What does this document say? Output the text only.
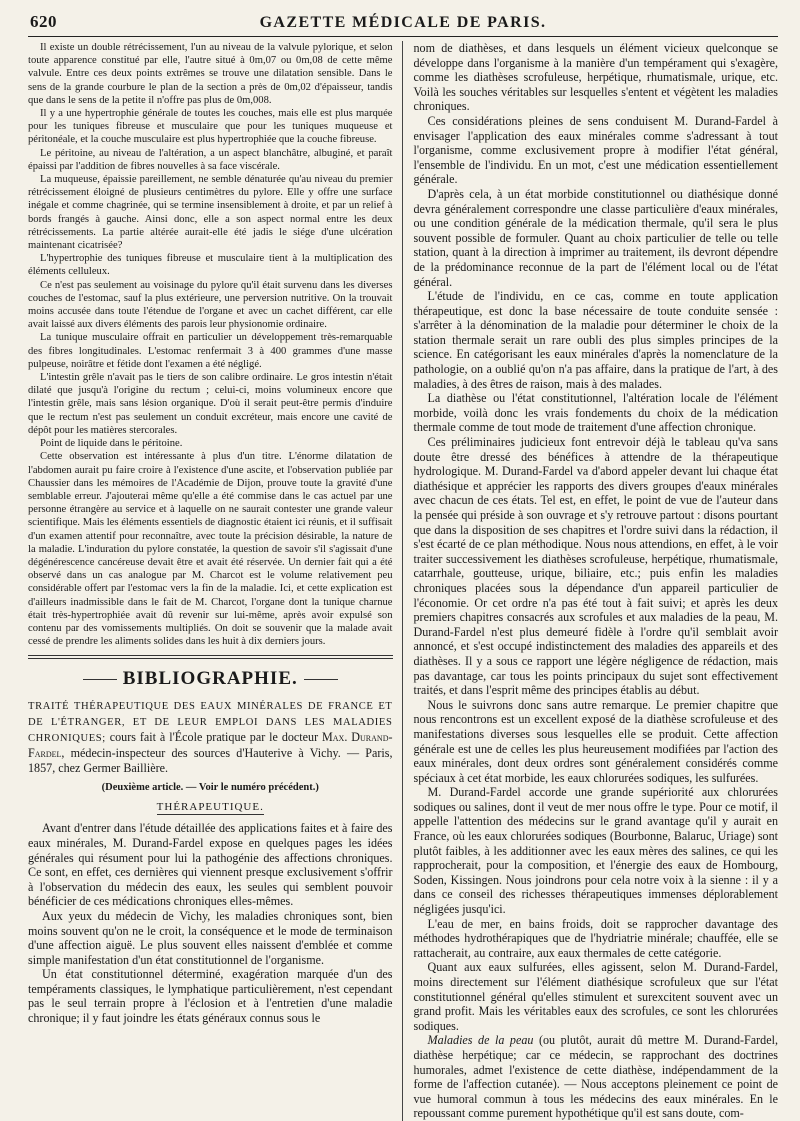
620	GAZETTE MÉDICALE DE PARIS.

Il existe un double rétrécissement, l'un au niveau de la valvule pylorique, et selon toute apparence constitué par elle, l'autre situé à 0m,07 ou 0m,08 de cette même valvule. Entre ces deux points extrêmes se trouve une dilatation sensible. Dans le sens de la grande courbure le plan de la section a près de 0m,02 d'épaisseur, tandis que dans le sens de la petite il n'offre pas plus de 0m,008.

Il y a une hypertrophie générale de toutes les couches, mais elle est plus marquée pour les tuniques fibreuse et musculaire que pour les tuniques muqueuse et péritonéale, et la couche musculaire est plus hypertrophiée que la couche fibreuse.

Le péritoine, au niveau de l'altération, a un aspect blanchâtre, albuginé, et paraît épaissi par l'addition de fibres nouvelles à sa face viscérale.

La muqueuse, épaissie pareillement, ne semble dénaturée qu'au niveau du premier rétrécissement éloigné de plusieurs centimètres du pylore. Elle y offre une surface inégale et comme chagrinée, qui se termine insensiblement à droite, et par un relief à bords frangés à gauche. Ainsi donc, elle a son aspect normal entre les deux rétrécissements. La partie altérée aurait-elle été jadis le siége d'une ulcération maintenant cicatrisée?

L'hypertrophie des tuniques fibreuse et musculaire tient à la multiplication des éléments celluleux.

Ce n'est pas seulement au voisinage du pylore qu'il était survenu dans les diverses couches de l'estomac, sauf la plus extérieure, une perversion nutritive. On la trouvait moins accusée dans toute l'étendue de l'organe et avec un cachet différent, car elle avait laissé aux divers éléments des parois leur physionomie ordinaire.

La tunique musculaire offrait en particulier un développement très-remarquable des fibres longitudinales. L'estomac renfermait 3 à 400 grammes d'une masse pulpeuse, noirâtre et fétide dont l'examen a été négligé.

L'intestin grêle n'avait pas le tiers de son calibre ordinaire. Le gros intestin n'était dilaté que jusqu'à l'origine du rectum ; celui-ci, moins volumineux encore que l'intestin grêle, mais sans lésion organique. D'où il serait peut-être permis d'induire que le rectum n'est pas seulement un conduit excréteur, mais encore une cavité de dépôt pour les matières stercorales.

Point de liquide dans le péritoine.

Cette observation est intéressante à plus d'un titre. L'énorme dilatation de l'abdomen aurait pu faire croire à l'existence d'une ascite, et l'observation publiée par Chaussier dans les mémoires de l'Académie de Dijon, prouve toute la gravité d'une semblable erreur. J'ajouterai même qu'elle a été commise dans le cas actuel par une personne étrangère au service et à laquelle on ne saurait contester une grande valeur scientifique. Mais les éléments essentiels de diagnostic étaient ici réunis, et il suffisait d'un examen attentif pour reconnaître, avec toute la précision désirable, la nature de la maladie. L'induration du pylore constatée, la question de savoir s'il s'agissait d'une dégénérescence cancéreuse devait être et avait été réservée. Un dernier fait qui a été observé dans un cas analogue par M. Charcot est le volume relativement peu considérable offert par l'estomac vers la fin de la maladie. Ici, et cette explication est d'ailleurs inadmissible dans le fait de M. Charcot, l'organe dont la tunique charnue était très-hypertrophiée avait dû revenir sur lui-même, après avoir expulsé son contenu par des vomissements multipliés. On doit se souvenir que la malade avait cessé de prendre les aliments solides dans les huit à dix derniers jours.

BIBLIOGRAPHIE.
TRAITÉ THÉRAPEUTIQUE DES EAUX MINÉRALES DE FRANCE ET DE L'ÉTRANGER, ET DE LEUR EMPLOI DANS LES MALADIES CHRONIQUES; cours fait à l'École pratique par le docteur Max. Durand-Fardel, médecin-inspecteur des sources d'Hauterive à Vichy. — Paris, 1857, chez Germer Baillière.
(Deuxième article. — Voir le numéro précédent.)
THÉRAPEUTIQUE.

Avant d'entrer dans l'étude détaillée des applications faites et à faire des eaux minérales, M. Durand-Fardel expose en quelques pages les idées générales qui résument pour lui la pathogénie des affections chroniques. Ce sont, en effet, ces dernières qui viennent presque exclusivement s'offrir à l'observation du médecin des eaux, les seules qui semblent pouvoir bénéficier de ces médications chroniques elles-mêmes.

Aux yeux du médecin de Vichy, les maladies chroniques sont, bien moins souvent qu'on ne le croit, la conséquence et le mode de terminaison d'une affection aiguë. Le plus souvent elles naissent d'emblée et comme simple manifestation d'un état constitutionnel de l'organisme.

Un état constitutionnel déterminé, exagération marquée d'un des tempéraments classiques, le lymphatique particulièrement, n'est cependant pas le seul terrain propre à l'éclosion et à l'entretien d'une maladie chronique; il y faut joindre les états généraux connus sous le

nom de diathèses, et dans lesquels un élément vicieux quelconque se développe dans l'organisme à la manière d'un tempérament qui s'exagère, comme les diathèses scrofuleuse, herpétique, rhumatismale, urique, etc. Voilà les souches véritables sur lesquelles s'entent et végètent les maladies chroniques.

Ces considérations pleines de sens conduisent M. Durand-Fardel à envisager l'application des eaux minérales comme s'adressant à tout l'organisme, comme exclusivement propre à modifier l'état général, l'ensemble de l'individu. En un mot, c'est une médication essentiellement générale.

D'après cela, à un état morbide constitutionnel ou diathésique donné devra généralement correspondre une classe particulière d'eaux minérales, ou une condition générale de la médication thermale, qu'il sera le plus souvent possible de formuler. Quant au choix particulier de telle ou telle station, quant à la direction à imprimer au traitement, ils devront dépendre de la prédominance reconnue de la part de l'élément local ou de l'état général.

L'étude de l'individu, en ce cas, comme en toute application thérapeutique, est donc la base nécessaire de toute conduite sensée : s'arrêter à la dénomination de la maladie pour déterminer le choix de la station thermale serait un rare oubli des plus simples principes de la science. En catégorisant les eaux minérales d'après la nomenclature de la pathologie, on a oublié qu'on n'a pas affaire, dans la pratique de l'art, à des maladies, à des êtres de raison, mais à des malades.

La diathèse ou l'état constitutionnel, l'altération locale de l'élément morbide, voilà donc les vrais fondements du choix de la médication thermale comme de tout mode de traitement d'une affection chronique.

Ces préliminaires judicieux font entrevoir déjà le tableau qu'va sans doute être dressé des bénéfices à attendre de la thérapeutique hydrologique. M. Durand-Fardel va d'abord appeler devant lui chaque état diathésique et apprécier les rapports des divers groupes d'eaux minérales avec chacun de ces états. Tel est, en effet, le point de vue de l'auteur dans la pensée qui préside à son ouvrage et s'y retrouve partout : disons pourtant que dans la disposition de ses chapitres et l'ordre suivi dans la rédaction, il s'est écarté de ce plan méthodique. Nous nous attendions, en effet, à le voir traiter successivement les diathèses scrofuleuse, herpétique, rhumatismale, catarrhale, goutteuse, urique, biliaire, etc.; puis enfin les maladies chroniques placées sous la dépendance d'un appareil particulier de l'économie. Or cet ordre n'a pas été tout à fait suivi; et après les deux premiers chapitres consacrés aux scrofules et aux maladies de la peau, M. Durand-Fardel n'est plus demeuré fidèle à l'ordre qu'il semblait avoir annoncé, et s'est occupé indistinctement des maladies des appareils et des diathèses. Il y a sous ce rapport une légère négligence de rédaction, mais pas davantage, car tous les points principaux du sujet sont effectivement traités, et dans l'esprit même des principes établis au début.

Nous le suivrons donc sans autre remarque. Le premier chapitre que nous rencontrons est un excellent exposé de la diathèse scrofuleuse et des manifestations diverses sous lesquelles elle se produit. Cette affection générale est une de celles les plus heureusement modifiées par l'action des eaux minérales, dont deux ordres sont généralement considérés comme spéciaux à cet état morbide, les eaux chlorurées sodiques, les sulfurées.

M. Durand-Fardel accorde une grande supériorité aux chlorurées sodiques ou salines, dont il veut de mer nous offre le type. Pour ce motif, il appelle l'attention des médecins sur le grand avantage qu'il y aurait en France, où les eaux chlorurées sodiques (Bourbonne, Balaruc, Uriage) sont plutôt faibles, à les additionner avec les eaux mères des salines, ce qui les rapprocherait, pour la composition, et l'énergie des eaux de Hombourg, Soden, Kissingen. Nous joindrons pour cela notre voix à la sienne : il y a dans ce conseil des richesses thérapeutiques immenses déplorablement négligées jusqu'ici.

L'eau de mer, en bains froids, doit se rapprocher davantage des méthodes hydrothérapiques que de l'hydriatrie minérale; chauffée, elle se rattacherait, au contraire, aux eaux thermales de cette catégorie.

Quant aux eaux sulfurées, elles agissent, selon M. Durand-Fardel, moins directement sur l'élément diathésique scrofuleux que sur l'état constitutionnel général qu'elles stimulent et surexcitent souvent avec un grand profit. Mais les véritables eaux des scrofules, ce sont les chlorurées sodiques.

Maladies de la peau (ou plutôt, aurait dû mettre M. Durand-Fardel, diathèse herpétique; car ce médecin, se rapprochant des doctrines humorales, admet l'existence de cette diathèse, indépendamment de la forme de l'affection cutanée). — Nous acceptons pleinement ce point de vue humoral commun à tous les médecins des eaux minérales. En le repoussant comme purement hypothétique qu'il est sans doute, com-
